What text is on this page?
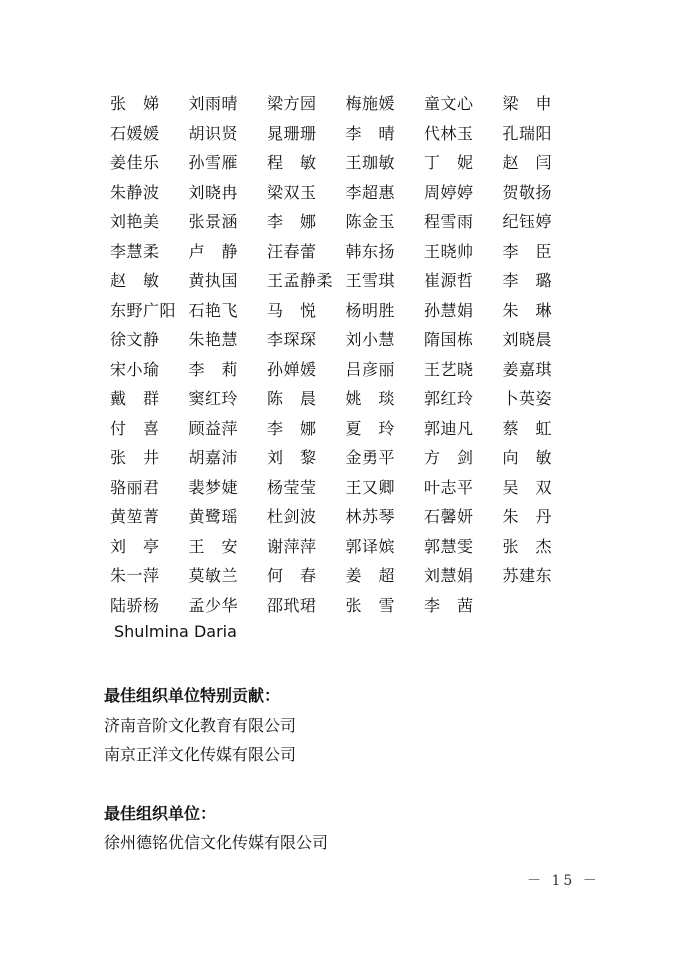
张　娣	刘雨晴	梁方园	梅施媛	童文心	梁　申
石媛媛	胡识贤	晁珊珊	李　晴	代林玉	孔瑞阳
姜佳乐	孙雪雁	程　敏	王珈敏	丁　妮	赵　闫
朱静波	刘晓冉	梁双玉	李超惠	周婷婷	贺敬扬
刘艳美	张景涵	李　娜	陈金玉	程雪雨	纪钰婷
李慧柔	卢　静	汪春蕾	韩东扬	王晓帅	李　臣
赵　敏	黄执国	王孟静柔 王雪琪	崔源哲	李　璐
东野广阳 石艳飞	马　悦	杨明胜	孙慧娟	朱　琳
徐文静	朱艳慧	李琛琛	刘小慧	隋国栋	刘晓晨
宋小瑜	李　莉	孙婵媛	吕彦丽	王艺晓	姜嘉琪
戴　群	窦红玲	陈　晨	姚　琰	郭红玲	卜英姿
付　喜	顾益萍	李　娜	夏　玲	郭迪凡	蔡　虹
张　井	胡嘉沛	刘　黎	金勇平	方　剑	向　敏
骆丽君	裴梦婕	杨莹莹	王又卿	叶志平	吴　双
黄堃菁	黄鹭瑶	杜剑波	林苏琴	石馨妍	朱　丹
刘　亭	王　安	谢萍萍	郭译嫔	郭慧雯	张　杰
朱一萍	莫敏兰	何　春	姜　超	刘慧娟	苏建东
陆骄杨	孟少华	邵玳珺	张　雪	李　茜
Shulmina Daria
最佳组织单位特别贡献：
济南音阶文化教育有限公司
南京正洋文化传媒有限公司
最佳组织单位：
徐州德铭优信文化传媒有限公司
－ 15 －
